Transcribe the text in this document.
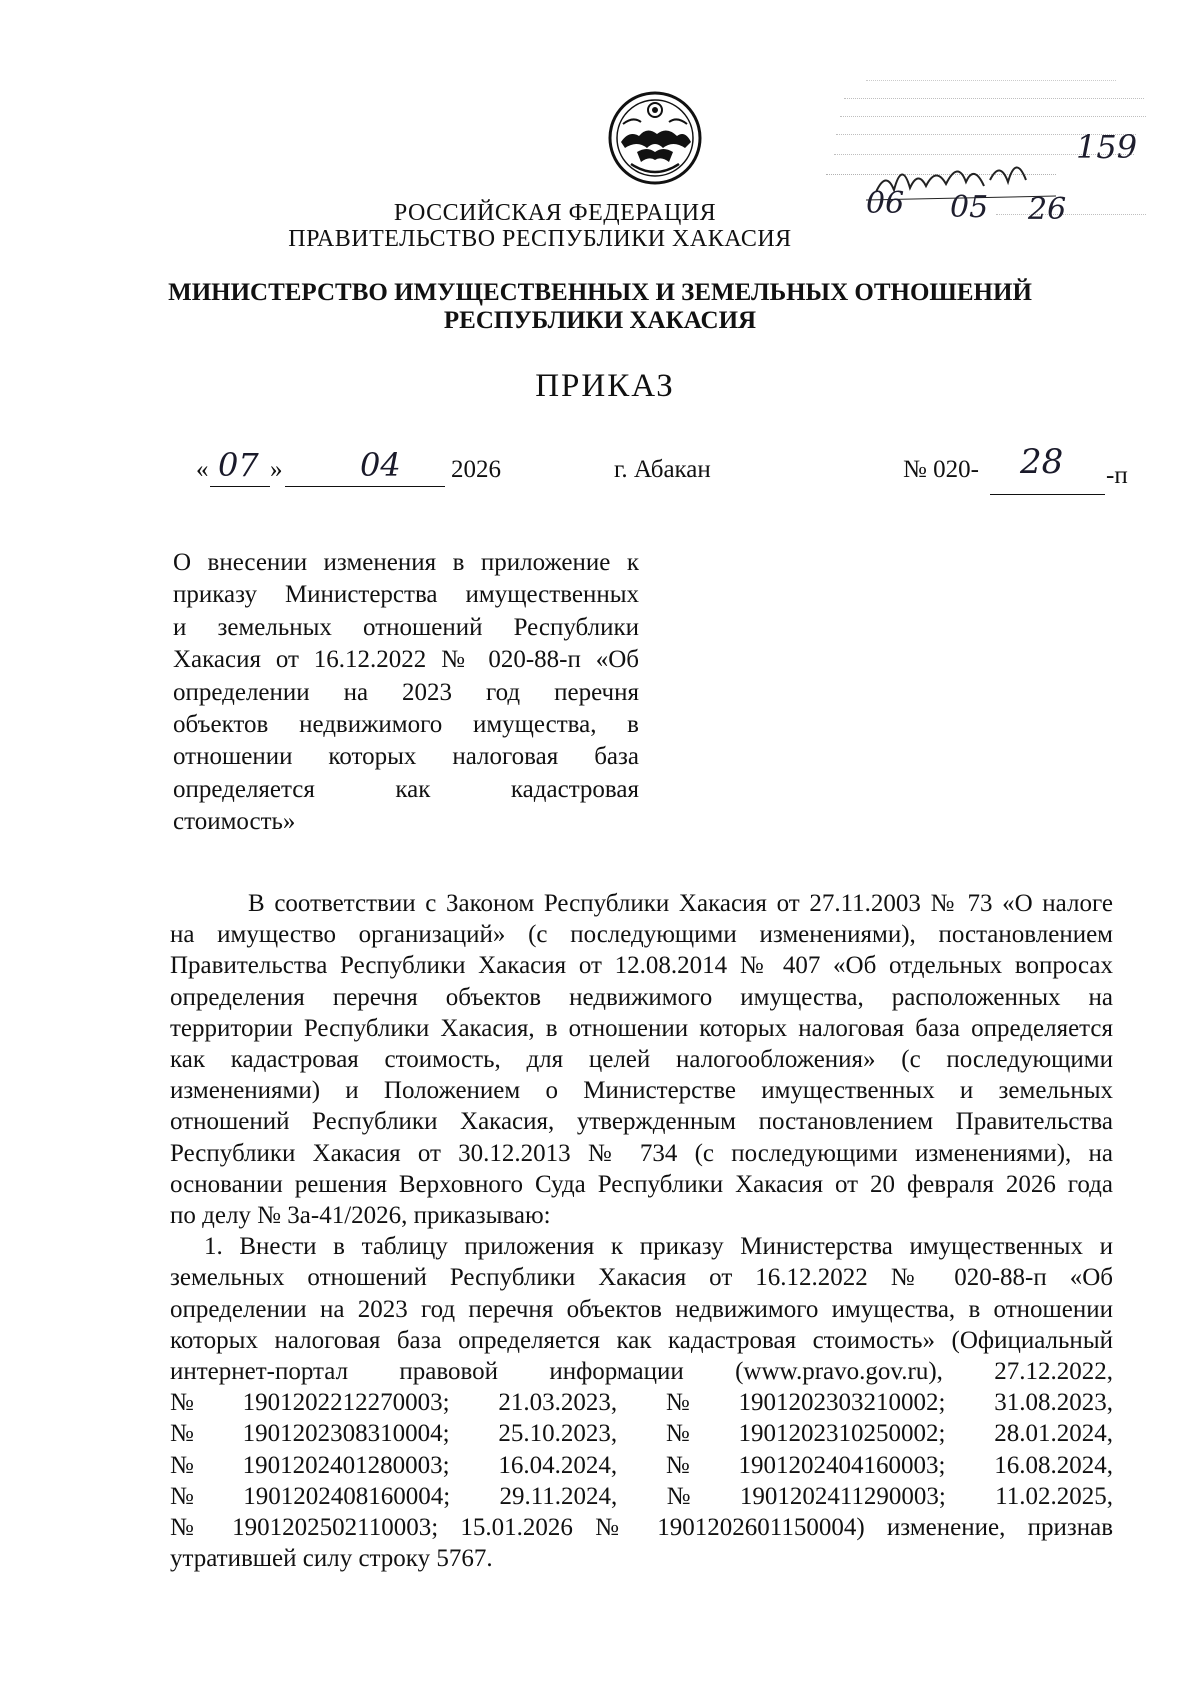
159
06 05 26
РОССИЙСКАЯ ФЕДЕРАЦИЯ
ПРАВИТЕЛЬСТВО РЕСПУБЛИКИ ХАКАСИЯ
МИНИСТЕРСТВО ИМУЩЕСТВЕННЫХ И ЗЕМЕЛЬНЫХ ОТНОШЕНИЙ
РЕСПУБЛИКИ ХАКАСИЯ
ПРИКАЗ
« 07 » 04 2026	г. Абакан	№ 020- 28 -п
О внесении изменения в приложение к
приказу Министерства имущественных
и земельных отношений Республики
Хакасия от 16.12.2022 № 020-88-п «Об
определении на 2023 год перечня
объектов недвижимого имущества, в
отношении которых налоговая база
определяется как кадастровая
стоимость»
В соответствии с Законом Республики Хакасия от 27.11.2003 № 73 «О налоге
на имущество организаций» (с последующими изменениями), постановлением
Правительства Республики Хакасия от 12.08.2014 № 407 «Об отдельных вопросах
определения перечня объектов недвижимого имущества, расположенных на
территории Республики Хакасия, в отношении которых налоговая база определяется
как кадастровая стоимость, для целей налогообложения» (с последующими
изменениями) и Положением о Министерстве имущественных и земельных
отношений Республики Хакасия, утвержденным постановлением Правительства
Республики Хакасия от 30.12.2013 № 734 (с последующими изменениями), на
основании решения Верховного Суда Республики Хакасия от 20 февраля 2026 года
по делу № 3а-41/2026, приказываю:
1. Внести в таблицу приложения к приказу Министерства имущественных и
земельных отношений Республики Хакасия от 16.12.2022 № 020-88-п «Об
определении на 2023 год перечня объектов недвижимого имущества, в отношении
которых налоговая база определяется как кадастровая стоимость» (Официальный
интернет-портал правовой информации (www.pravo.gov.ru), 27.12.2022,
№ 1901202212270003; 21.03.2023, № 1901202303210002; 31.08.2023,
№ 1901202308310004; 25.10.2023, № 1901202310250002; 28.01.2024,
№ 1901202401280003; 16.04.2024, № 1901202404160003; 16.08.2024,
№ 1901202408160004; 29.11.2024, № 1901202411290003; 11.02.2025,
№ 1901202502110003; 15.01.2026 № 1901202601150004) изменение, признав
утратившей силу строку 5767.
